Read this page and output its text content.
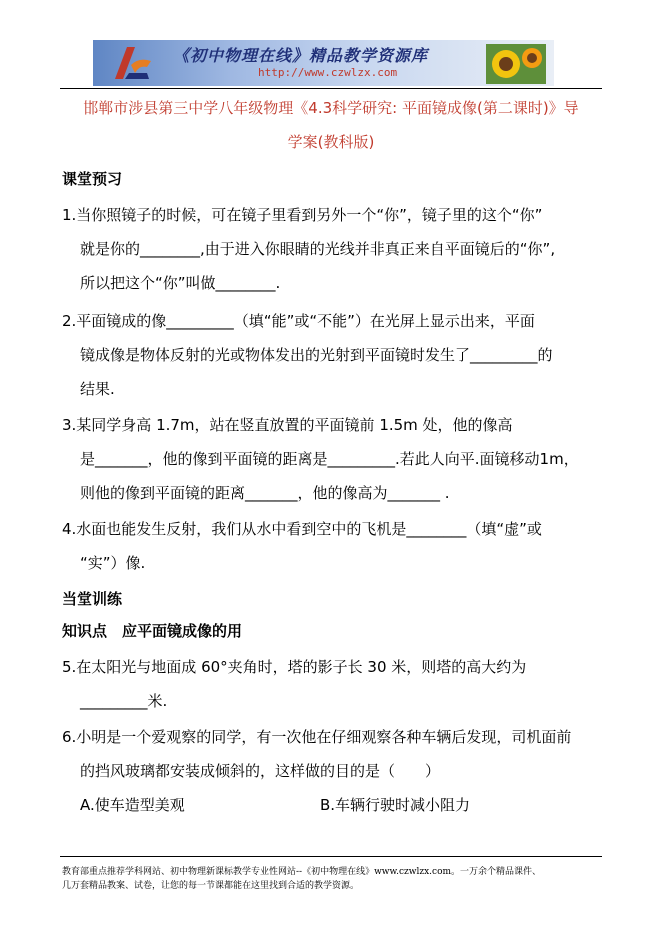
《初中物理在线》精品教学资源库
http://www.czwlzx.com
邯郸市涉县第三中学八年级物理《4.3科学研究: 平面镜成像(第二课时)》导
学案(教科版)
课堂预习
1.当你照镜子的时候，可在镜子里看到另外一个“你”，镜子里的这个“你”
就是你的________,由于进入你眼睛的光线并非真正来自平面镜后的“你”,
所以把这个“你”叫做________.
2.平面镜成的像_________（填“能”或“不能”）在光屏上显示出来，平面
镜成像是物体反射的光或物体发出的光射到平面镜时发生了_________的
结果.
3.某同学身高 1.7m，站在竖直放置的平面镜前 1.5m 处，他的像高
是_______，他的像到平面镜的距离是_________.若此人向平.面镜移动1m，
则他的像到平面镜的距离_______，他的像高为_______ .
4.水面也能发生反射，我们从水中看到空中的飞机是________（填“虚”或
“实”）像.
当堂训练
知识点　应平面镜成像的用
5.在太阳光与地面成 60°夹角时，塔的影子长 30 米，则塔的高大约为
_________米.
6.小明是一个爱观察的同学，有一次他在仔细观察各种车辆后发现，司机面前
的挡风玻璃都安装成倾斜的，这样做的目的是（　　）
A.使车造型美观	B.车辆行驶时减小阻力
教育部重点推荐学科网站、初中物理新课标教学专业性网站--《初中物理在线》www.czwlzx.com。一万余个精品课件、
几万套精品教案、试卷，让您的每一节课都能在这里找到合适的教学资源。
